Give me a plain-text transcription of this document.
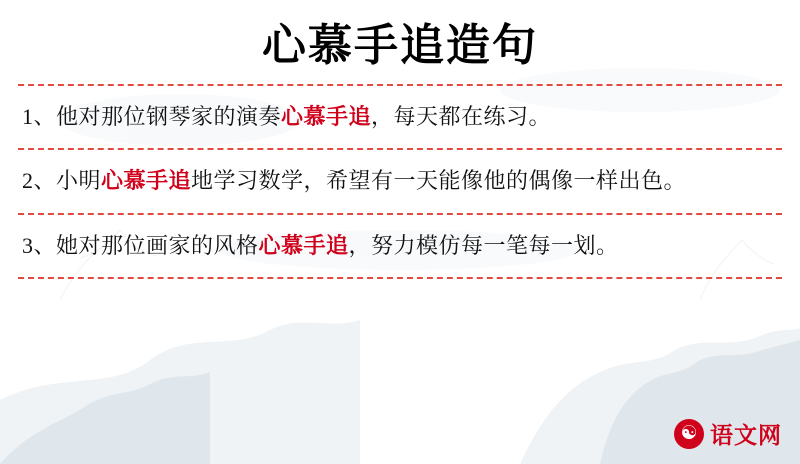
心慕手追造句
1、他对那位钢琴家的演奏心慕手追，每天都在练习。
2、小明心慕手追地学习数学，希望有一天能像他的偶像一样出色。
3、她对那位画家的风格心慕手追，努力模仿每一笔每一划。
☯ 语文网
